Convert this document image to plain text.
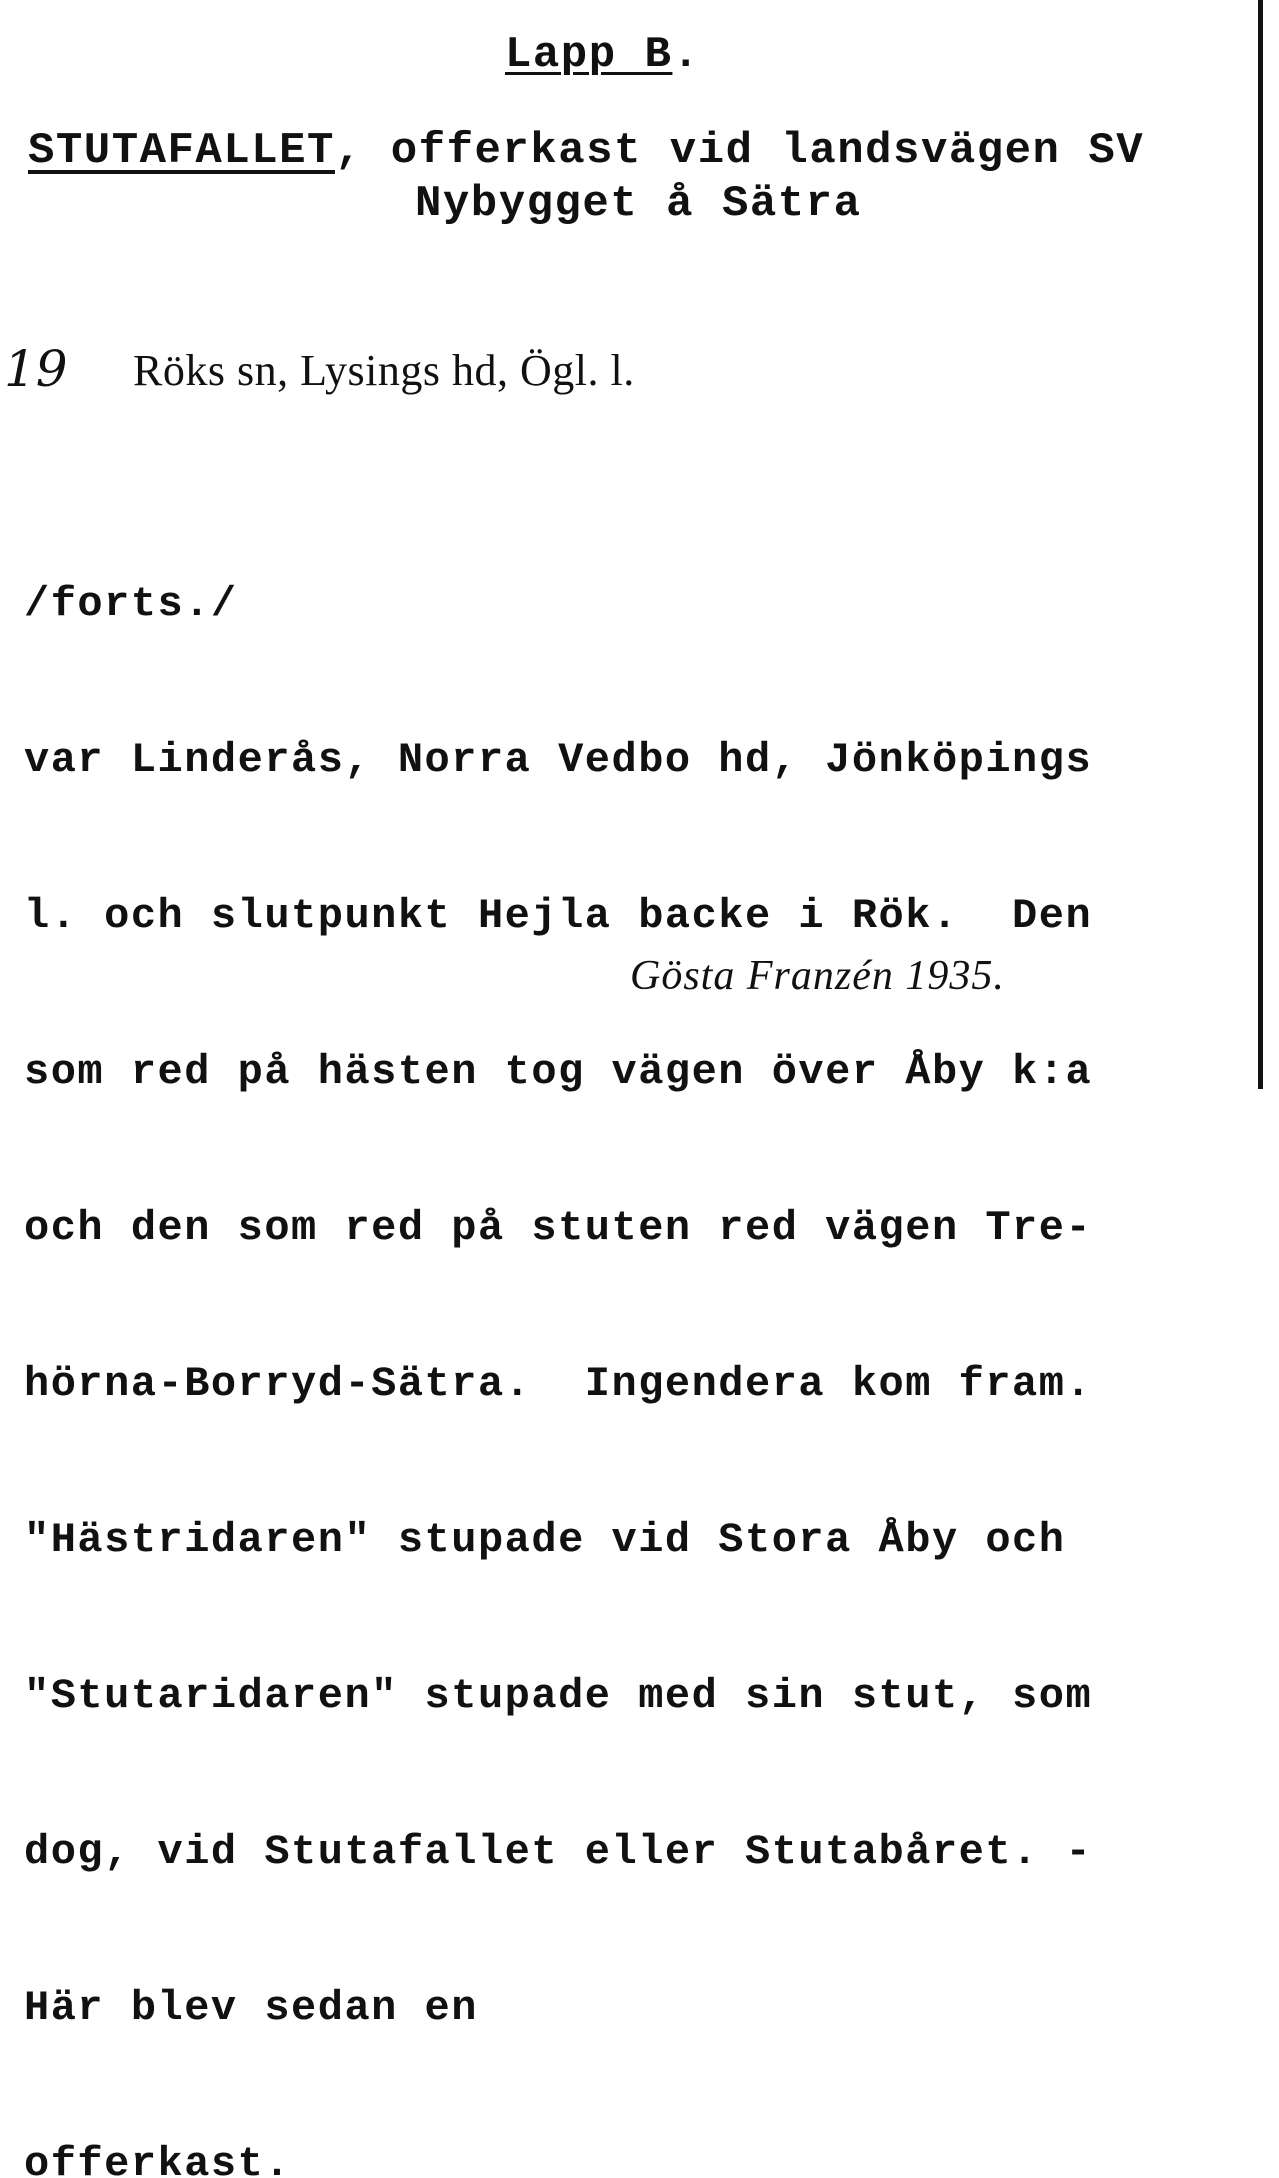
Lapp B.
STUTAFALLET, offerkast vid landsvägen SV
Nybygget å Sätra
19 Röks sn, Lysings hd, Ögl. l.

/forts./

var Linderås, Norra Vedbo hd, Jönköpings

l. och slutpunkt Hejla backe i Rök.  Den

som red på hästen tog vägen över Åby k:a

och den som red på stuten red vägen Tre-

hörna-Borryd-Sätra.  Ingendera kom fram.

"Hästridaren" stupade vid Stora Åby och

"Stutaridaren" stupade med sin stut, som

dog, vid Stutafallet eller Stutabåret. -

Här blev sedan en

offerkast.

Gösta Franzén 1935.
